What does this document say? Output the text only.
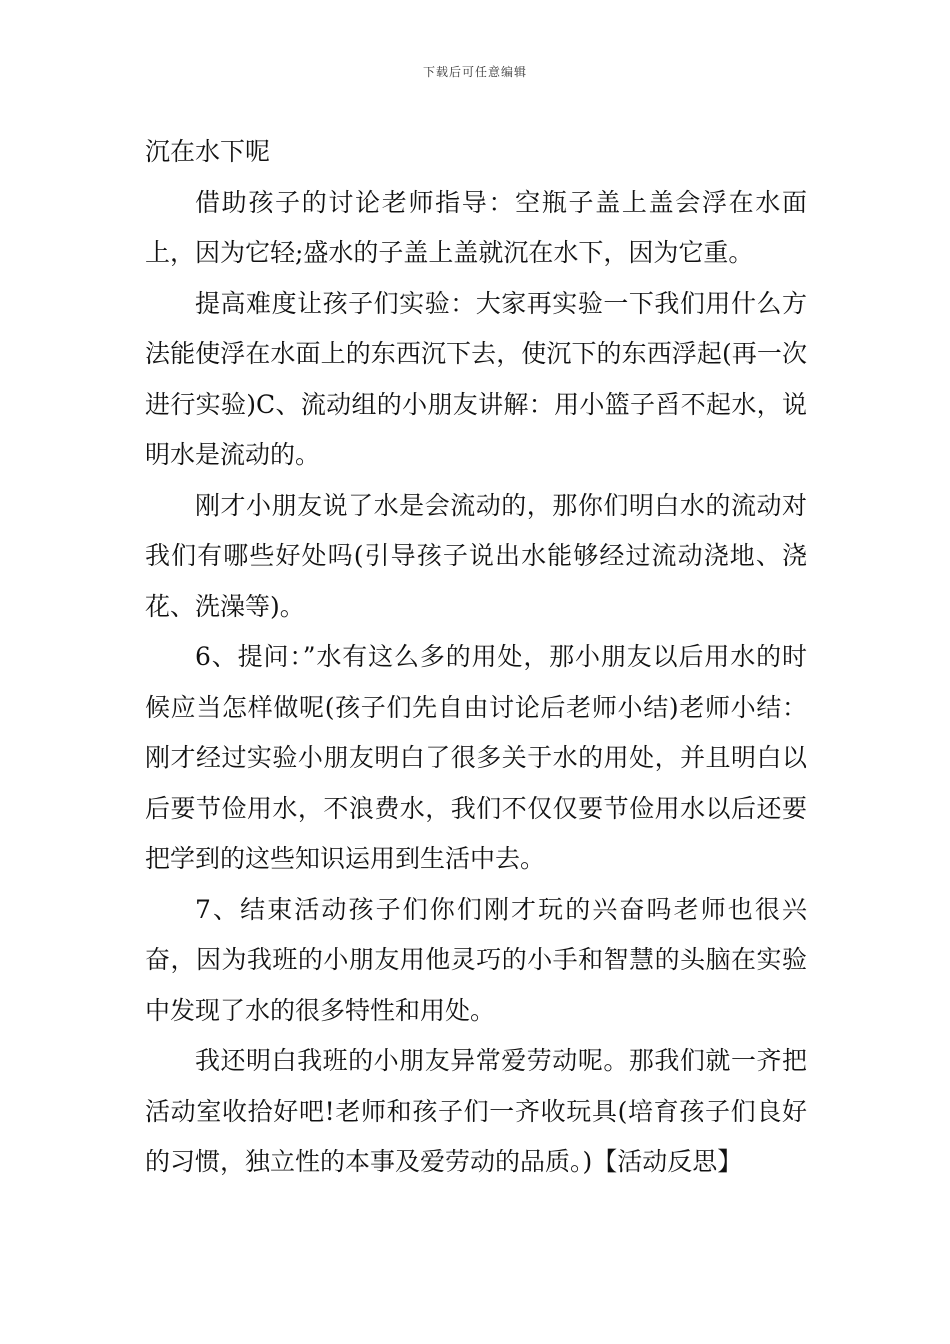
下载后可任意编辑

沉在水下呢

借助孩子的讨论老师指导：空瓶子盖上盖会浮在水面上，因为它轻;盛水的子盖上盖就沉在水下，因为它重。

提高难度让孩子们实验：大家再实验一下我们用什么方法能使浮在水面上的东西沉下去，使沉下的东西浮起(再一次进行实验)C、流动组的小朋友讲解：用小篮子舀不起水，说明水是流动的。

刚才小朋友说了水是会流动的，那你们明白水的流动对我们有哪些好处吗(引导孩子说出水能够经过流动浇地、浇花、洗澡等)。

6、提问：”水有这么多的用处，那小朋友以后用水的时候应当怎样做呢(孩子们先自由讨论后老师小结)老师小结：刚才经过实验小朋友明白了很多关于水的用处，并且明白以后要节俭用水，不浪费水，我们不仅仅要节俭用水以后还要把学到的这些知识运用到生活中去。

7、结束活动孩子们你们刚才玩的兴奋吗老师也很兴奋，因为我班的小朋友用他灵巧的小手和智慧的头脑在实验中发现了水的很多特性和用处。

我还明白我班的小朋友异常爱劳动呢。那我们就一齐把活动室收拾好吧!老师和孩子们一齐收玩具(培育孩子们良好的习惯，独立性的本事及爱劳动的品质。)【活动反思】
